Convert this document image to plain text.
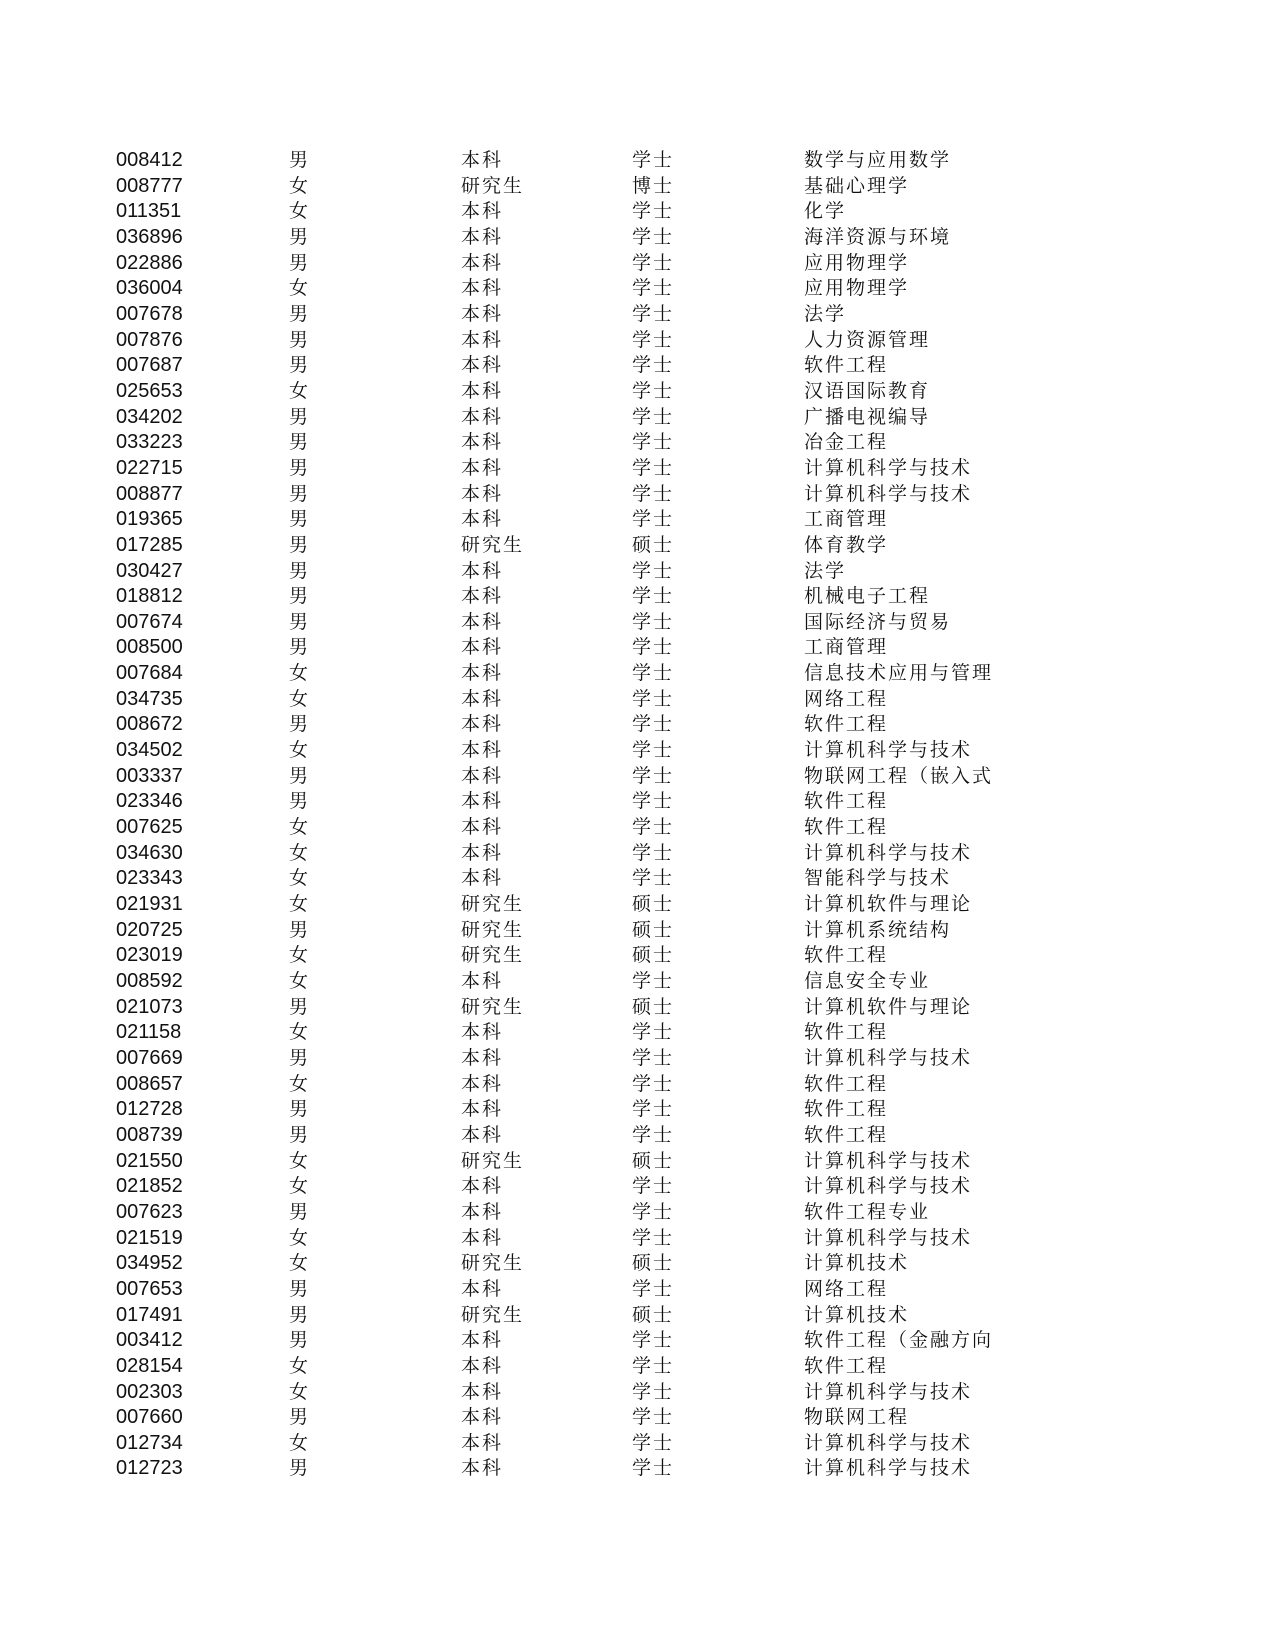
008412	男	本科	学士	数学与应用数学
008777	女	研究生	博士	基础心理学
011351	女	本科	学士	化学
036896	男	本科	学士	海洋资源与环境
022886	男	本科	学士	应用物理学
036004	女	本科	学士	应用物理学
007678	男	本科	学士	法学
007876	男	本科	学士	人力资源管理
007687	男	本科	学士	软件工程
025653	女	本科	学士	汉语国际教育
034202	男	本科	学士	广播电视编导
033223	男	本科	学士	冶金工程
022715	男	本科	学士	计算机科学与技术
008877	男	本科	学士	计算机科学与技术
019365	男	本科	学士	工商管理
017285	男	研究生	硕士	体育教学
030427	男	本科	学士	法学
018812	男	本科	学士	机械电子工程
007674	男	本科	学士	国际经济与贸易
008500	男	本科	学士	工商管理
007684	女	本科	学士	信息技术应用与管理
034735	女	本科	学士	网络工程
008672	男	本科	学士	软件工程
034502	女	本科	学士	计算机科学与技术
003337	男	本科	学士	物联网工程（嵌入式
023346	男	本科	学士	软件工程
007625	女	本科	学士	软件工程
034630	女	本科	学士	计算机科学与技术
023343	女	本科	学士	智能科学与技术
021931	女	研究生	硕士	计算机软件与理论
020725	男	研究生	硕士	计算机系统结构
023019	女	研究生	硕士	软件工程
008592	女	本科	学士	信息安全专业
021073	男	研究生	硕士	计算机软件与理论
021158	女	本科	学士	软件工程
007669	男	本科	学士	计算机科学与技术
008657	女	本科	学士	软件工程
012728	男	本科	学士	软件工程
008739	男	本科	学士	软件工程
021550	女	研究生	硕士	计算机科学与技术
021852	女	本科	学士	计算机科学与技术
007623	男	本科	学士	软件工程专业
021519	女	本科	学士	计算机科学与技术
034952	女	研究生	硕士	计算机技术
007653	男	本科	学士	网络工程
017491	男	研究生	硕士	计算机技术
003412	男	本科	学士	软件工程（金融方向
028154	女	本科	学士	软件工程
002303	女	本科	学士	计算机科学与技术
007660	男	本科	学士	物联网工程
012734	女	本科	学士	计算机科学与技术
012723	男	本科	学士	计算机科学与技术
